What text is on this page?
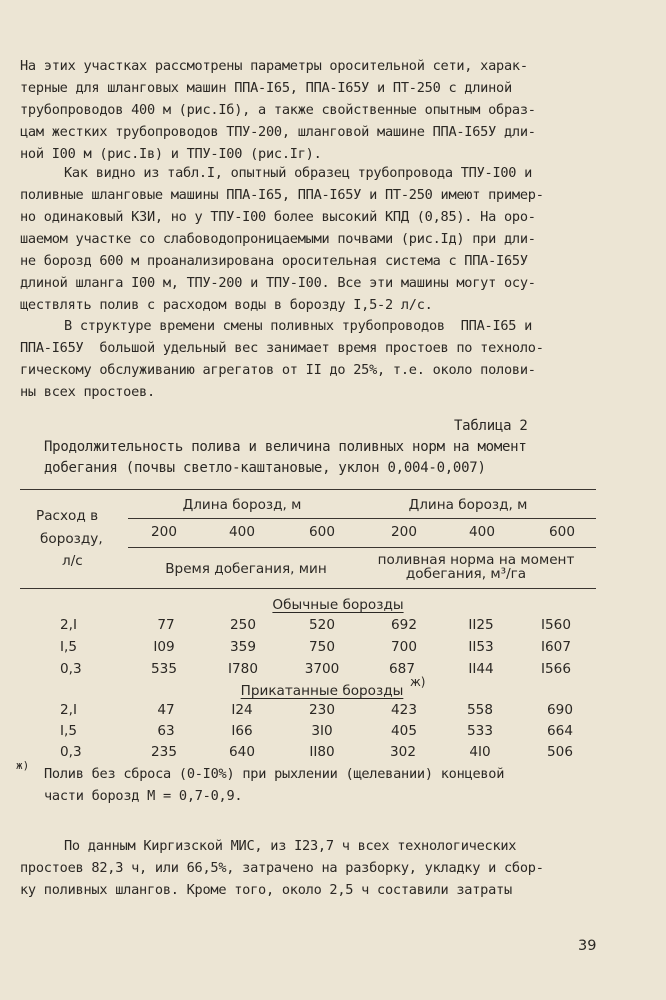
На этих участках рассмотрены параметры оросительной сети, харак-
терные для шланговых машин ППА-I65, ППА-I65У и ПТ-250 с длиной
трубопроводов 400 м (рис.Iб), а также свойственные опытным образ-
цам жестких трубопроводов ТПУ-200, шланговой машине ППА-I65У дли-
ной I00 м (рис.Iв) и ТПУ-I00 (рис.Iг).
Как видно из табл.I, опытный образец трубопровода ТПУ-I00 и
поливные шланговые машины ППА-I65, ППА-I65У и ПТ-250 имеют пример-
но одинаковый КЗИ, но у ТПУ-I00 более высокий КПД (0,85). На оро-
шаемом участке со слабоводопроницаемыми почвами (рис.Iд) при дли-
не борозд 600 м проанализирована оросительная система с ППА-I65У
длиной шланга I00 м, ТПУ-200 и ТПУ-I00. Все эти машины могут осу-
ществлять полив с расходом воды в борозду I,5-2 л/с.
В структуре времени смены поливных трубопроводов  ППА-I65 и
ППА-I65У  большой удельный вес занимает время простоев по техноло-
гическому обслуживанию агрегатов от II до 25%, т.е. около полови-
ны всех простоев.
Таблица 2
Продолжительность полива и величина поливных норм на момент
добегания (почвы светло-каштановые, уклон 0,004-0,007)
Расход в
борозду,
л/с
Длина борозд, м	Длина борозд, м
200	400	600	200	400	600
Время добегания, мин
поливная норма на момент
добегания, м³/га
Обычные борозды
2,I	77	250	520	692	II25	I560
I,5	I09	359	750	700	II53	I607
0,3	535	I780	3700	687	II44	I566
Прикатанные борозды
ж)
2,I	47	I24	230	423	558	690
I,5	63	I66	3I0	405	533	664
0,3	235	640	II80	302	4I0	506
ж)
Полив без сброса (0-I0%) при рыхлении (щелевании) концевой
части борозд М = 0,7-0,9.
По данным Киргизской МИС, из I23,7 ч всех технологических
простоев 82,3 ч, или 66,5%, затрачено на разборку, укладку и сбор-
ку поливных шлангов. Кроме того, около 2,5 ч составили затраты
39
